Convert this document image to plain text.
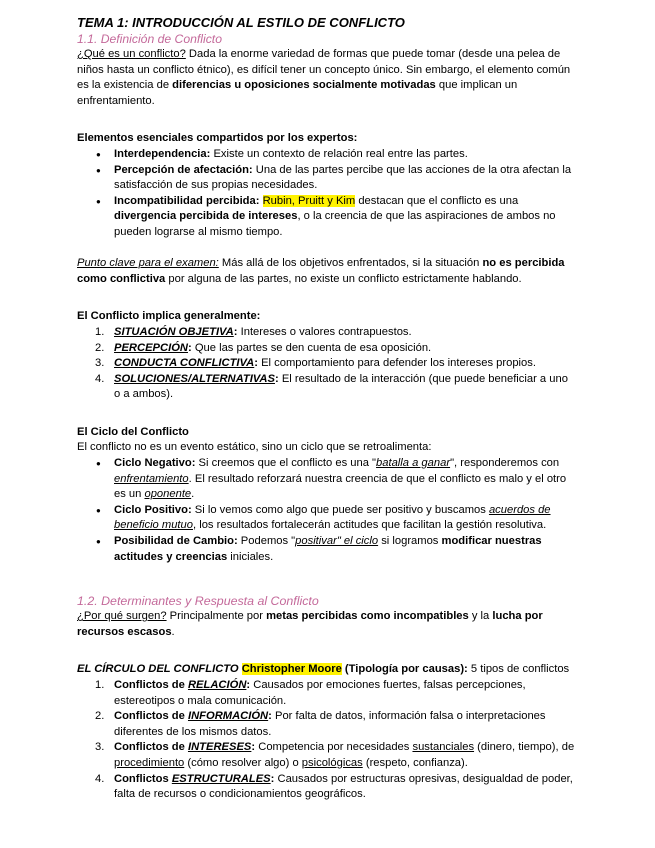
TEMA 1: INTRODUCCIÓN AL ESTILO DE CONFLICTO

1.1. Definición de Conflicto

¿Qué es un conflicto? Dada la enorme variedad de formas que puede tomar (desde una pelea de niños hasta un conflicto étnico), es difícil tener un concepto único. Sin embargo, el elemento común es la existencia de diferencias u oposiciones socialmente motivadas que implican un enfrentamiento.

Elementos esenciales compartidos por los expertos:

● Interdependencia: Existe un contexto de relación real entre las partes.
● Percepción de afectación: Una de las partes percibe que las acciones de la otra afectan la satisfacción de sus propias necesidades.
● Incompatibilidad percibida: Rubin, Pruitt y Kim destacan que el conflicto es una divergencia percibida de intereses, o la creencia de que las aspiraciones de ambos no pueden lograrse al mismo tiempo.

Punto clave para el examen: Más allá de los objetivos enfrentados, si la situación no es percibida como conflictiva por alguna de las partes, no existe un conflicto estrictamente hablando.

El Conflicto implica generalmente:

1. SITUACIÓN OBJETIVA: Intereses o valores contrapuestos.
2. PERCEPCIÓN: Que las partes se den cuenta de esa oposición.
3. CONDUCTA CONFLICTIVA: El comportamiento para defender los intereses propios.
4. SOLUCIONES/ALTERNATIVAS: El resultado de la interacción (que puede beneficiar a uno o a ambos).

El Ciclo del Conflicto

El conflicto no es un evento estático, sino un ciclo que se retroalimenta:

● Ciclo Negativo: Si creemos que el conflicto es una "batalla a ganar", responderemos con enfrentamiento. El resultado reforzará nuestra creencia de que el conflicto es malo y el otro es un oponente.
● Ciclo Positivo: Si lo vemos como algo que puede ser positivo y buscamos acuerdos de beneficio mutuo, los resultados fortalecerán actitudes que facilitan la gestión resolutiva.
● Posibilidad de Cambio: Podemos "positivar" el ciclo si logramos modificar nuestras actitudes y creencias iniciales.

1.2. Determinantes y Respuesta al Conflicto

¿Por qué surgen? Principalmente por metas percibidas como incompatibles y la lucha por recursos escasos.

EL CÍRCULO DEL CONFLICTO Christopher Moore (Tipología por causas): 5 tipos de conflictos

1. Conflictos de RELACIÓN: Causados por emociones fuertes, falsas percepciones, estereotipos o mala comunicación.
2. Conflictos de INFORMACIÓN: Por falta de datos, información falsa o interpretaciones diferentes de los mismos datos.
3. Conflictos de INTERESES: Competencia por necesidades sustanciales (dinero, tiempo), de procedimiento (cómo resolver algo) o psicológicas (respeto, confianza).
4. Conflictos ESTRUCTURALES: Causados por estructuras opresivas, desigualdad de poder, falta de recursos o condicionamientos geográficos.
